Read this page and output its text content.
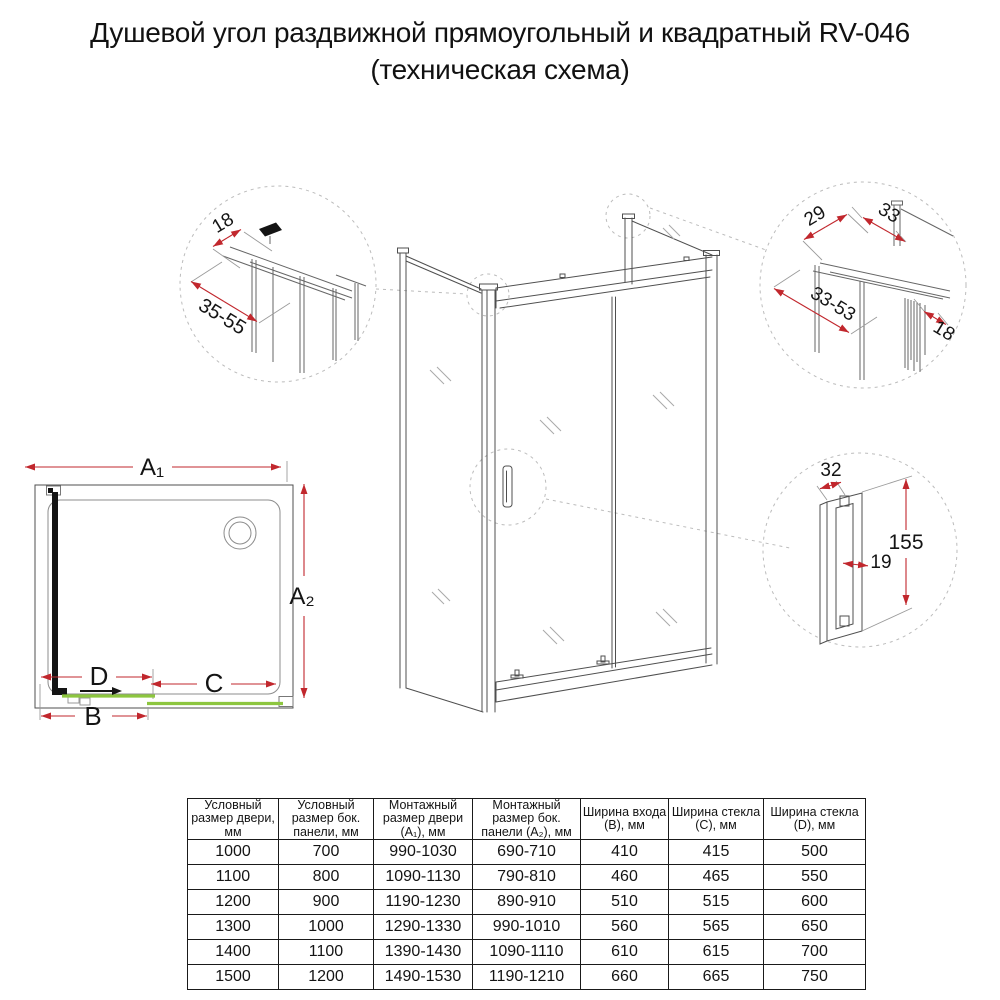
Душевой угол раздвижной прямоугольный и квадратный RV-046
(техническая схема)
A₁
A₂
D	C
B
18
35-55
29 33
33-53
18
32
155
19
Условный размер двери, мм	Условный размер бок. панели, мм	Монтажный размер двери (А₁), мм	Монтажный размер бок. панели (А₂), мм	Ширина входа (B), мм	Ширина стекла (C), мм	Ширина стекла (D), мм
1000	700	990-1030	690-710	410	415	500
1100	800	1090-1130	790-810	460	465	550
1200	900	1190-1230	890-910	510	515	600
1300	1000	1290-1330	990-1010	560	565	650
1400	1100	1390-1430	1090-1110	610	615	700
1500	1200	1490-1530	1190-1210	660	665	750
